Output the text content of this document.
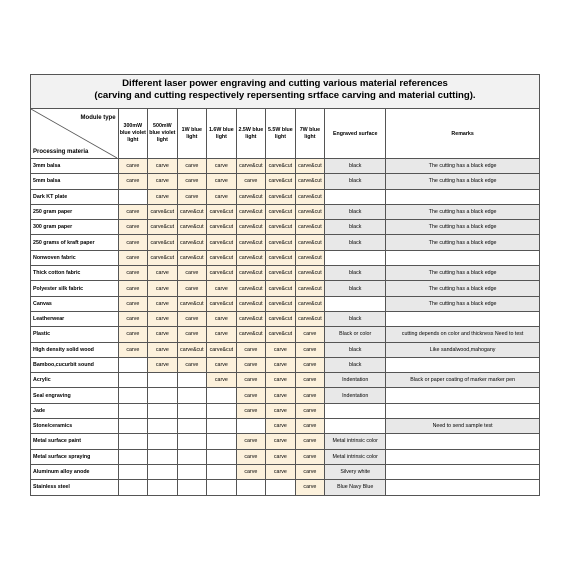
Different laser power engraving and cutting various material references
(carving and cutting respectively repersenting srtface carving and material cutting).
Module type
Processing materia	300mW blue violet light	500mW blue violet light	1W blue light	1.6W blue light	2.5W blue light	5.5W blue light	7W blue light	Engraved surface	Remarks
3mm balsa	carve	carve	carve	carve	carve&cut	carve&cut	carve&cut	black	The cutting has a black edge
5mm balsa	carve	carve	carve	carve	carve	carve&cut	carve&cut	black	The cutting has a black edge
Dark KT plate		carve	carve	carve	carve&cut	carve&cut	carve&cut		
250 gram paper	carve	carve&cut	carve&cut	carve&cut	carve&cut	carve&cut	carve&cut	black	The cutting has a black edge
300 gram paper	carve	carve&cut	carve&cut	carve&cut	carve&cut	carve&cut	carve&cut	black	The cutting has a black edge
250 grams of kraft paper	carve	carve&cut	carve&cut	carve&cut	carve&cut	carve&cut	carve&cut	black	The cutting has a black edge
Nonwoven fabric	carve	carve&cut	carve&cut	carve&cut	carve&cut	carve&cut	carve&cut		
Thick cotton fabric	carve	carve	carve	carve&cut	carve&cut	carve&cut	carve&cut	black	The cutting has a black edge
Polyester silk fabric	carve	carve	carve	carve	carve&cut	carve&cut	carve&cut	black	The cutting has a black edge
Canvas	carve	carve	carve&cut	carve&cut	carve&cut	carve&cut	carve&cut		The cutting has a black edge
Leatherwear	carve	carve	carve	carve	carve&cut	carve&cut	carve&cut	black	
Plastic	carve	carve	carve	carve	carve&cut	carve&cut	carve	Black or color	cutting depends on color and thickness Need to test
High density solid wood	carve	carve	carve&cut	carve&cut	carve	carve	carve	black	Like sandalwood,mahogany
Bamboo,cucurbit sound		carve	carve	carve	carve	carve	carve	black	
Acrylic				carve	carve	carve	carve	Indentation	Black or paper coating of marker marker pen
Seal engraving					carve	carve	carve	Indentation	
Jade					carve	carve	carve		
Stone/ceramics						carve	carve		Need to send sample test
Metal surface paint					carve	carve	carve	Metal intrinsic color	
Metal surface spraying					carve	carve	carve	Metal intrinsic color	
Aluminum alloy anode					carve	carve	carve	Silvery white	
Stainless steel							carve	Blue Navy Blue	
